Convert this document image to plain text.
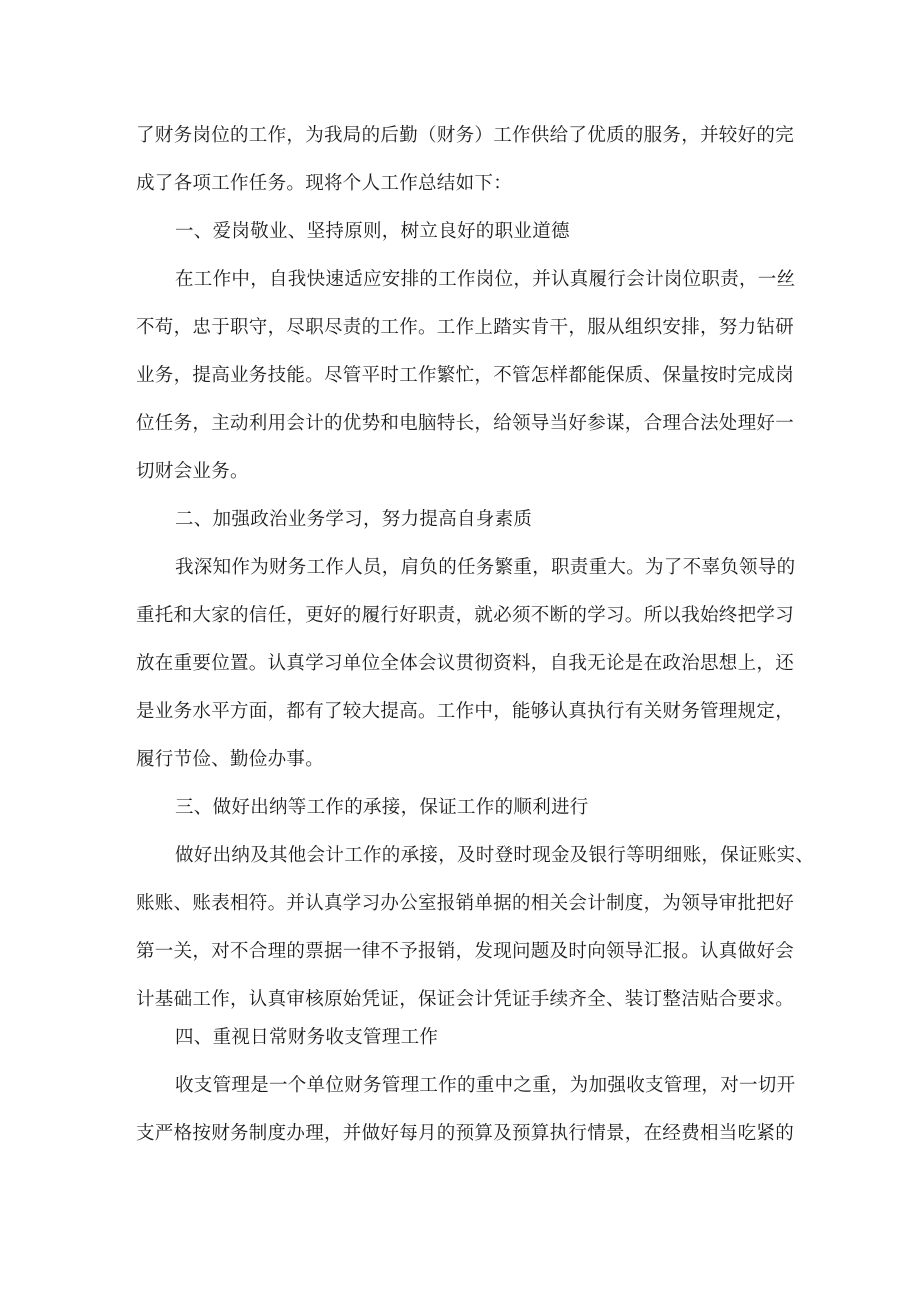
了财务岗位的工作，为我局的后勤（财务）工作供给了优质的服务，并较好的完
成了各项工作任务。现将个人工作总结如下：
一、爱岗敬业、坚持原则，树立良好的职业道德
在工作中，自我快速适应安排的工作岗位，并认真履行会计岗位职责，一丝
不苟，忠于职守，尽职尽责的工作。工作上踏实肯干，服从组织安排，努力钻研
业务，提高业务技能。尽管平时工作繁忙，不管怎样都能保质、保量按时完成岗
位任务，主动利用会计的优势和电脑特长，给领导当好参谋，合理合法处理好一
切财会业务。
二、加强政治业务学习，努力提高自身素质
我深知作为财务工作人员，肩负的任务繁重，职责重大。为了不辜负领导的
重托和大家的信任，更好的履行好职责，就必须不断的学习。所以我始终把学习
放在重要位置。认真学习单位全体会议贯彻资料，自我无论是在政治思想上，还
是业务水平方面，都有了较大提高。工作中，能够认真执行有关财务管理规定，
履行节俭、勤俭办事。
三、做好出纳等工作的承接，保证工作的顺利进行
做好出纳及其他会计工作的承接，及时登时现金及银行等明细账，保证账实、
账账、账表相符。并认真学习办公室报销单据的相关会计制度，为领导审批把好
第一关，对不合理的票据一律不予报销，发现问题及时向领导汇报。认真做好会
计基础工作，认真审核原始凭证，保证会计凭证手续齐全、装订整洁贴合要求。
四、重视日常财务收支管理工作
收支管理是一个单位财务管理工作的重中之重，为加强收支管理，对一切开
支严格按财务制度办理，并做好每月的预算及预算执行情景，在经费相当吃紧的
